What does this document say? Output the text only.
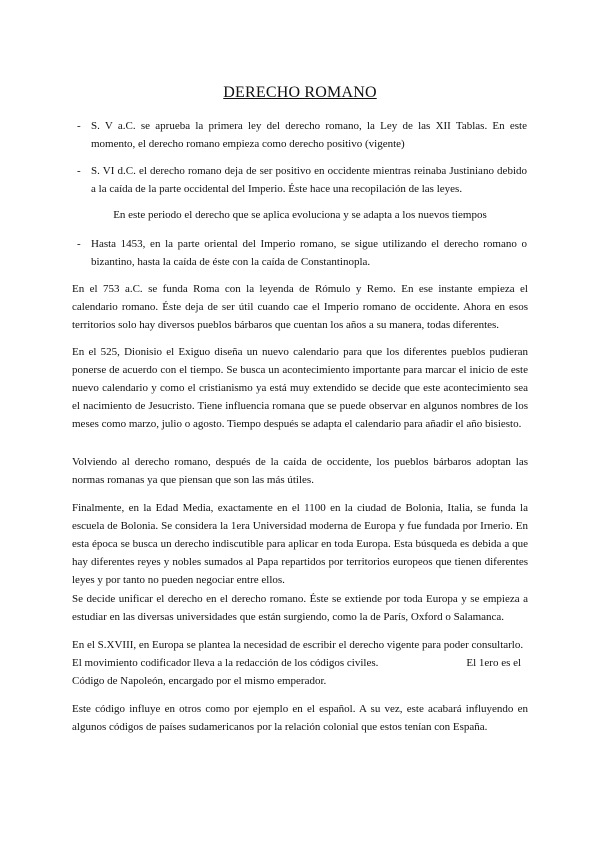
DERECHO ROMANO
- S. V a.C. se aprueba la primera ley del derecho romano, la Ley de las XII Tablas. En este momento, el derecho romano empieza como derecho positivo (vigente)
- S. VI d.C. el derecho romano deja de ser positivo en occidente mientras reinaba Justiniano debido a la caída de la parte occidental del Imperio. Éste hace una recopilación de las leyes.
- Hasta 1453, en la parte oriental del Imperio romano, se sigue utilizando el derecho romano o bizantino, hasta la caída de éste con la caída de Constantinopla.
En este periodo el derecho que se aplica evoluciona y se adapta a los nuevos tiempos

En el 753 a.C. se funda Roma con la leyenda de Rómulo y Remo. En ese instante empieza el calendario romano. Éste deja de ser útil cuando cae el Imperio romano de occidente. Ahora en esos territorios solo hay diversos pueblos bárbaros que cuentan los años a su manera, todas diferentes.

En el 525, Dionisio el Exiguo diseña un nuevo calendario para que los diferentes pueblos pudieran ponerse de acuerdo con el tiempo. Se busca un acontecimiento importante para marcar el inicio de este nuevo calendario y como el cristianismo ya está muy extendido se decide que este acontecimiento sea el nacimiento de Jesucristo. Tiene influencia romana que se puede observar en algunos nombres de los meses como marzo, julio o agosto. Tiempo después se adapta el calendario para añadir el año bisiesto.

Volviendo al derecho romano, después de la caída de occidente, los pueblos bárbaros adoptan las normas romanas ya que piensan que son las más útiles.

Finalmente, en la Edad Media, exactamente en el 1100 en la ciudad de Bolonia, Italia, se funda la escuela de Bolonia. Se considera la 1era Universidad moderna de Europa y fue fundada por Irnerio. En esta época se busca un derecho indiscutible para aplicar en toda Europa. Esta búsqueda es debida a que hay diferentes reyes y nobles sumados al Papa repartidos por territorios europeos que tienen diferentes leyes y por tanto no pueden negociar entre ellos.

Se decide unificar el derecho en el derecho romano. Éste se extiende por toda Europa y se empieza a estudiar en las diversas universidades que están surgiendo, como la de París, Oxford o Salamanca.

En el S.XVIII, en Europa se plantea la necesidad de escribir el derecho vigente para poder consultarlo. El movimiento codificador lleva a la redacción de los códigos civiles.	El 1ero es el Código de Napoleón, encargado por el mismo emperador.

Este código influye en otros como por ejemplo en el español. A su vez, este acabará influyendo en algunos códigos de países sudamericanos por la relación colonial que estos tenían con España.
